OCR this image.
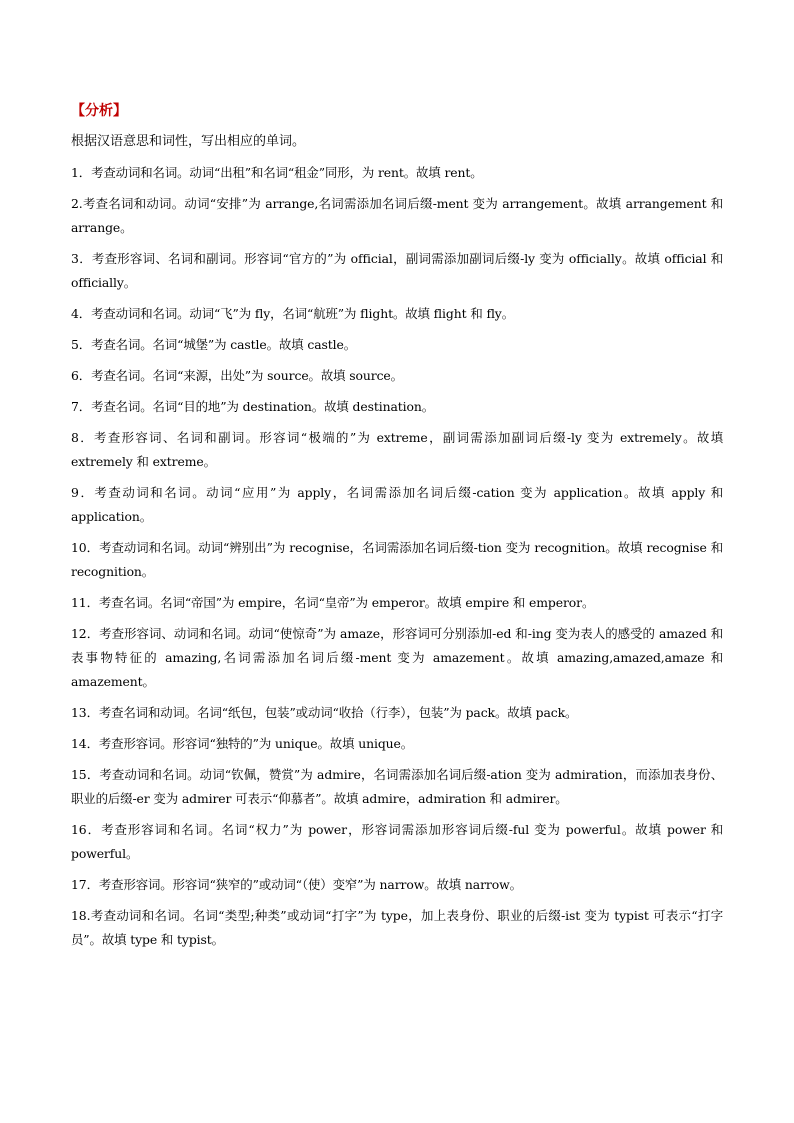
【分析】
根据汉语意思和词性，写出相应的单词。
1．考查动词和名词。动词“出租”和名词“租金”同形，为 rent。故填 rent。
2.考查名词和动词。动词“安排”为 arrange,名词需添加名词后缀-ment 变为 arrangement。故填 arrangement 和 arrange。
3．考查形容词、名词和副词。形容词“官方的”为 official，副词需添加副词后缀-ly 变为 officially。故填 official 和 officially。
4．考查动词和名词。动词“飞”为 fly，名词“航班”为 flight。故填 flight 和 fly。
5．考查名词。名词“城堡”为 castle。故填 castle。
6．考查名词。名词“来源，出处”为 source。故填 source。
7．考查名词。名词“目的地”为 destination。故填 destination。
8．考查形容词、名词和副词。形容词“极端的”为 extreme，副词需添加副词后缀-ly 变为 extremely。故填 extremely 和 extreme。
9．考查动词和名词。动词“应用”为 apply，名词需添加名词后缀-cation 变为 application。故填 apply 和 application。
10．考查动词和名词。动词“辨别出”为 recognise，名词需添加名词后缀-tion 变为 recognition。故填 recognise 和 recognition。
11．考查名词。名词“帝国”为 empire，名词“皇帝”为 emperor。故填 empire 和 emperor。
12．考查形容词、动词和名词。动词“使惊奇”为 amaze，形容词可分别添加-ed 和-ing 变为表人的感受的 amazed 和表事物特征的 amazing,名词需添加名词后缀-ment 变为 amazement。故填 amazing,amazed,amaze 和 amazement。
13．考查名词和动词。名词“纸包，包装”或动词“收拾（行李），包装”为 pack。故填 pack。
14．考查形容词。形容词“独特的”为 unique。故填 unique。
15．考查动词和名词。动词“钦佩，赞赏”为 admire，名词需添加名词后缀-ation 变为 admiration，而添加表身份、职业的后缀-er 变为 admirer 可表示“仰慕者”。故填 admire，admiration 和 admirer。
16．考查形容词和名词。名词“权力”为 power，形容词需添加形容词后缀-ful 变为 powerful。故填 power 和 powerful。
17．考查形容词。形容词“狭窄的”或动词“（使）变窄”为 narrow。故填 narrow。
18.考查动词和名词。名词“类型;种类”或动词“打字”为 type，加上表身份、职业的后缀-ist 变为 typist 可表示“打字员”。故填 type 和 typist。
